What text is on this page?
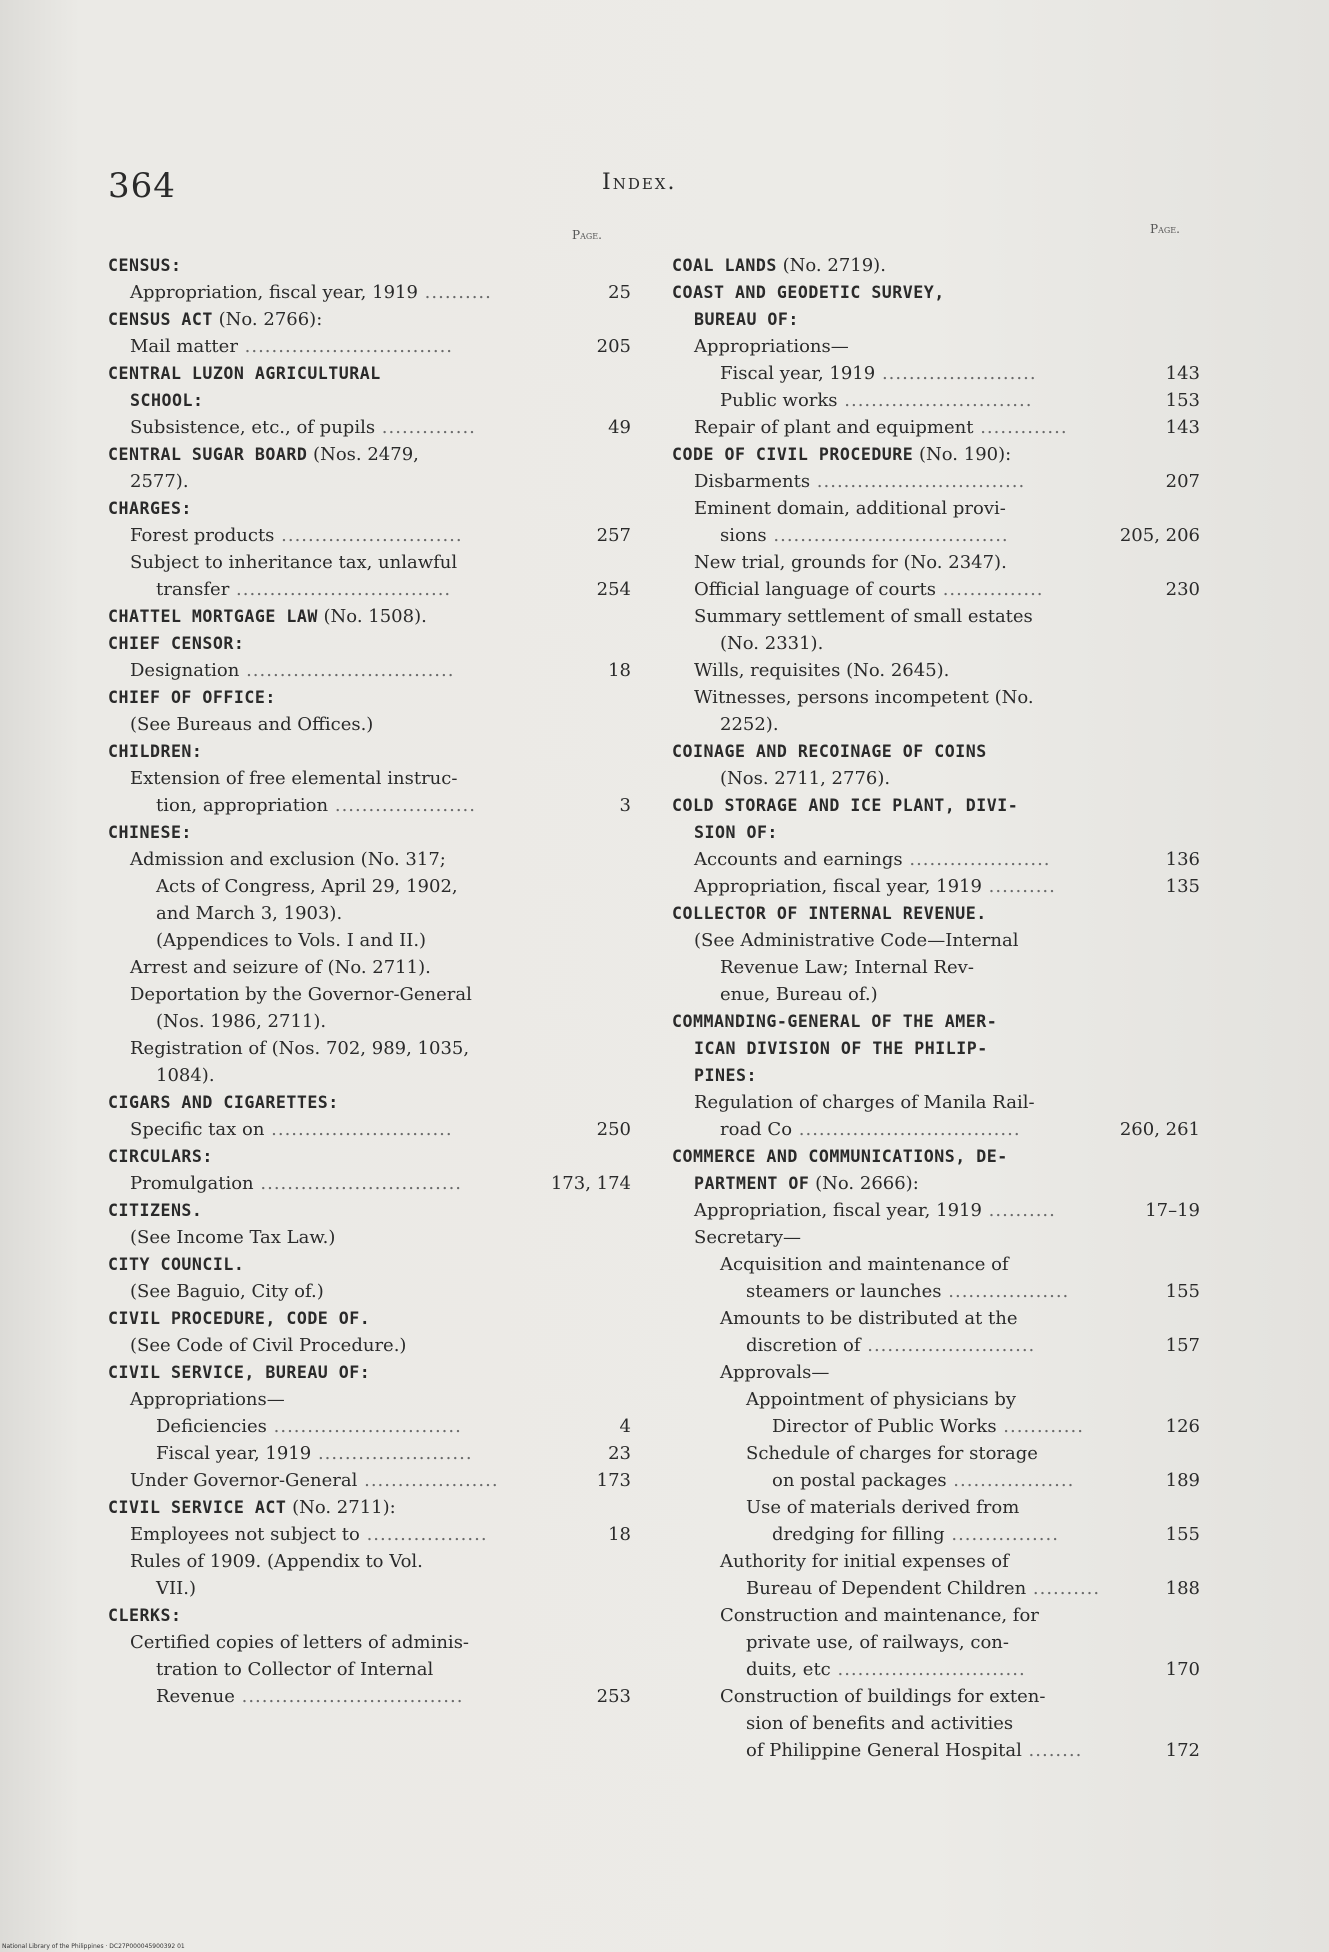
364	Index.
Page.	Page.
CENSUS:
Appropriation, fiscal year, 1919 ..........	25
CENSUS ACT (No. 2766):
Mail matter ...............................	205
CENTRAL LUZON AGRICULTURAL
SCHOOL:
Subsistence, etc., of pupils ..............	49
CENTRAL SUGAR BOARD (Nos. 2479,
2577).
CHARGES:
Forest products ...........................	257
Subject to inheritance tax, unlawful
transfer ................................	254
CHATTEL MORTGAGE LAW (No. 1508).
CHIEF CENSOR:
Designation ...............................	18
CHIEF OF OFFICE:
(See Bureaus and Offices.)
CHILDREN:
Extension of free elemental instruc-
tion, appropriation .....................	3
CHINESE:
Admission and exclusion (No. 317;
Acts of Congress, April 29, 1902,
and March 3, 1903).
(Appendices to Vols. I and II.)
Arrest and seizure of (No. 2711).
Deportation by the Governor-General
(Nos. 1986, 2711).
Registration of (Nos. 702, 989, 1035,
1084).
CIGARS AND CIGARETTES:
Specific tax on ...........................	250
CIRCULARS:
Promulgation ..............................	173, 174
CITIZENS.
(See Income Tax Law.)
CITY COUNCIL.
(See Baguio, City of.)
CIVIL PROCEDURE, CODE OF.
(See Code of Civil Procedure.)
CIVIL SERVICE, BUREAU OF:
Appropriations—
Deficiencies ............................	4
Fiscal year, 1919 .......................	23
Under Governor-General ....................	173
CIVIL SERVICE ACT (No. 2711):
Employees not subject to ..................	18
Rules of 1909. (Appendix to Vol.
VII.)
CLERKS:
Certified copies of letters of adminis-
tration to Collector of Internal
Revenue .................................	253
COAL LANDS (No. 2719).
COAST AND GEODETIC SURVEY,
BUREAU OF:
Appropriations—
Fiscal year, 1919 .......................	143
Public works ............................	153
Repair of plant and equipment .............	143
CODE OF CIVIL PROCEDURE (No. 190):
Disbarments ...............................	207
Eminent domain, additional provi-
sions ...................................	205, 206
New trial, grounds for (No. 2347).
Official language of courts ...............	230
Summary settlement of small estates
(No. 2331).
Wills, requisites (No. 2645).
Witnesses, persons incompetent (No.
2252).
COINAGE AND RECOINAGE OF COINS
(Nos. 2711, 2776).
COLD STORAGE AND ICE PLANT, DIVI-
SION OF:
Accounts and earnings .....................	136
Appropriation, fiscal year, 1919 ..........	135
COLLECTOR OF INTERNAL REVENUE.
(See Administrative Code—Internal
Revenue Law; Internal Rev-
enue, Bureau of.)
COMMANDING-GENERAL OF THE AMER-
ICAN DIVISION OF THE PHILIP-
PINES:
Regulation of charges of Manila Rail-
road Co .................................	260, 261
COMMERCE AND COMMUNICATIONS, DE-
PARTMENT OF (No. 2666):
Appropriation, fiscal year, 1919 ..........	17–19
Secretary—
Acquisition and maintenance of
steamers or launches ..................	155
Amounts to be distributed at the
discretion of .........................	157
Approvals—
Appointment of physicians by
Director of Public Works ............	126
Schedule of charges for storage
on postal packages ..................	189
Use of materials derived from
dredging for filling ................	155
Authority for initial expenses of
Bureau of Dependent Children ..........	188
Construction and maintenance, for
private use, of railways, con-
duits, etc ............................	170
Construction of buildings for exten-
sion of benefits and activities
of Philippine General Hospital ........	172
National Library of the Philippines · DC27P000045900392 01
